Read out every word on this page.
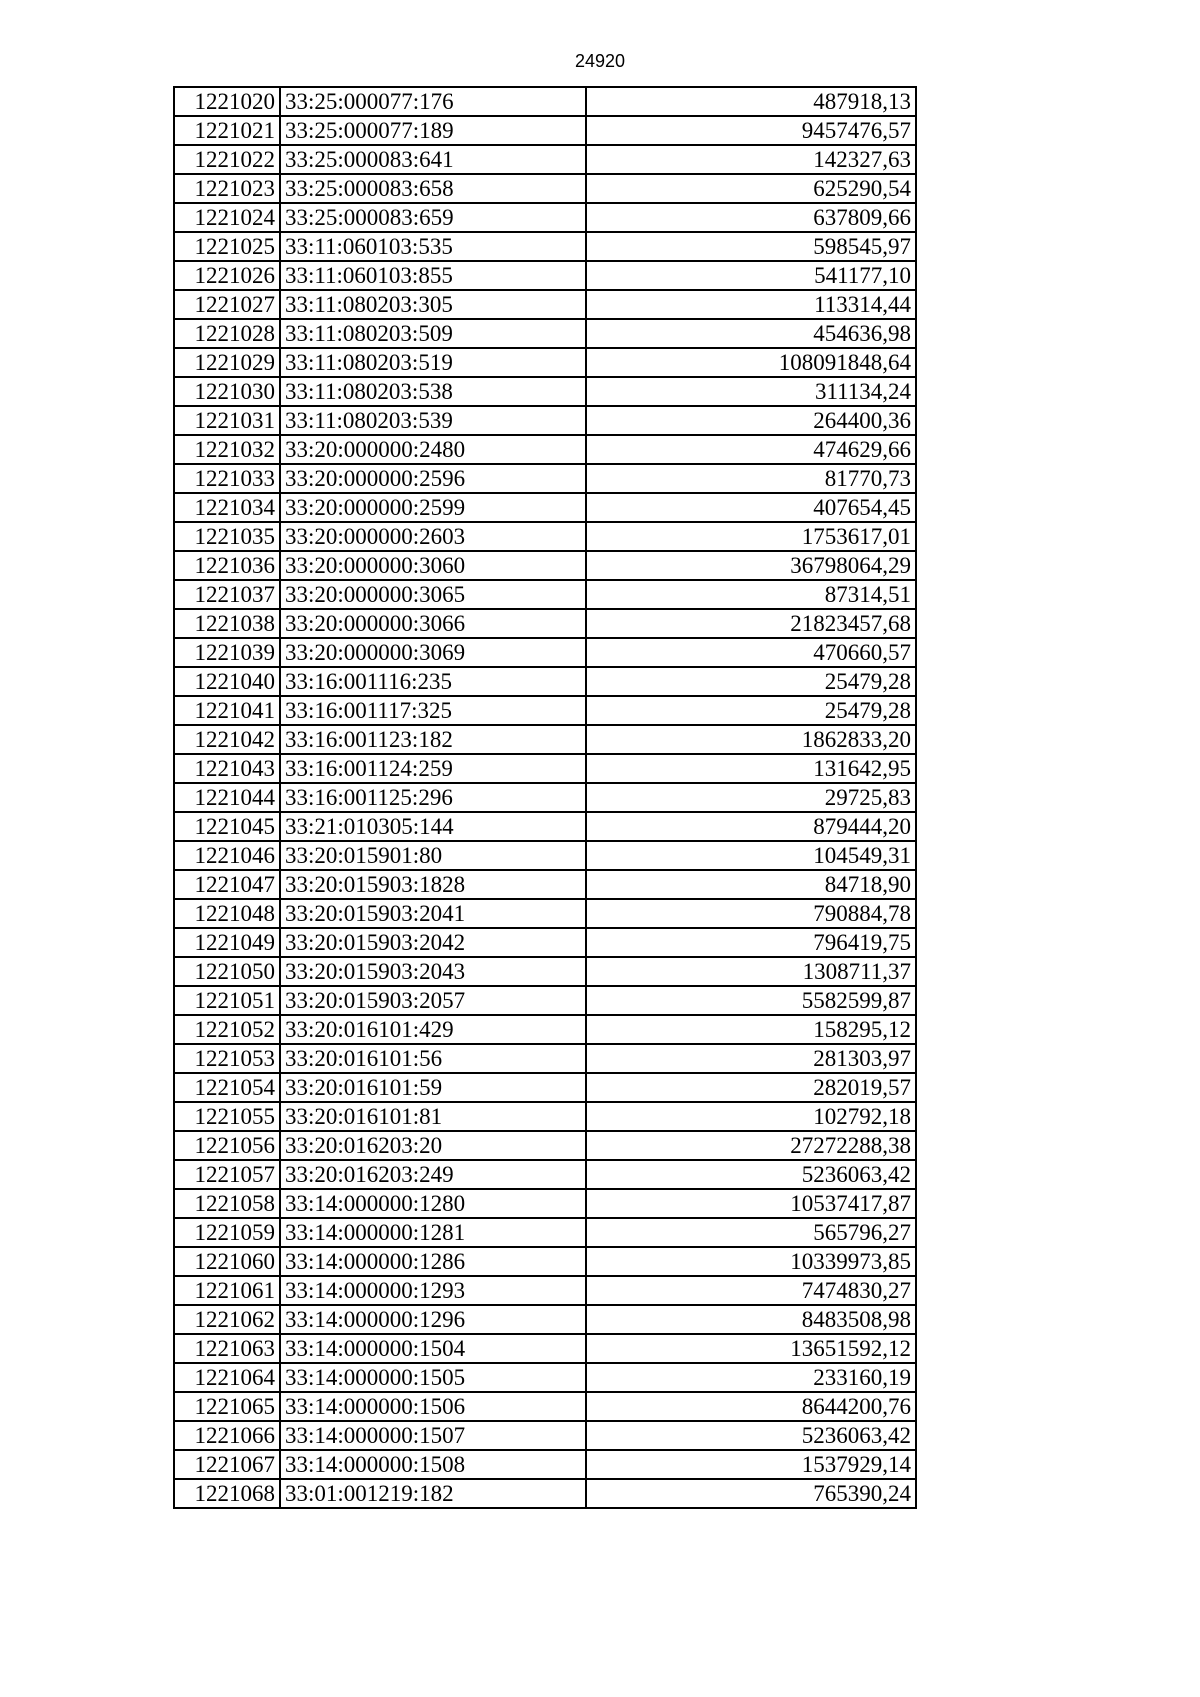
24920
1221020	33:25:000077:176	487918,13
1221021	33:25:000077:189	9457476,57
1221022	33:25:000083:641	142327,63
1221023	33:25:000083:658	625290,54
1221024	33:25:000083:659	637809,66
1221025	33:11:060103:535	598545,97
1221026	33:11:060103:855	541177,10
1221027	33:11:080203:305	113314,44
1221028	33:11:080203:509	454636,98
1221029	33:11:080203:519	108091848,64
1221030	33:11:080203:538	311134,24
1221031	33:11:080203:539	264400,36
1221032	33:20:000000:2480	474629,66
1221033	33:20:000000:2596	81770,73
1221034	33:20:000000:2599	407654,45
1221035	33:20:000000:2603	1753617,01
1221036	33:20:000000:3060	36798064,29
1221037	33:20:000000:3065	87314,51
1221038	33:20:000000:3066	21823457,68
1221039	33:20:000000:3069	470660,57
1221040	33:16:001116:235	25479,28
1221041	33:16:001117:325	25479,28
1221042	33:16:001123:182	1862833,20
1221043	33:16:001124:259	131642,95
1221044	33:16:001125:296	29725,83
1221045	33:21:010305:144	879444,20
1221046	33:20:015901:80	104549,31
1221047	33:20:015903:1828	84718,90
1221048	33:20:015903:2041	790884,78
1221049	33:20:015903:2042	796419,75
1221050	33:20:015903:2043	1308711,37
1221051	33:20:015903:2057	5582599,87
1221052	33:20:016101:429	158295,12
1221053	33:20:016101:56	281303,97
1221054	33:20:016101:59	282019,57
1221055	33:20:016101:81	102792,18
1221056	33:20:016203:20	27272288,38
1221057	33:20:016203:249	5236063,42
1221058	33:14:000000:1280	10537417,87
1221059	33:14:000000:1281	565796,27
1221060	33:14:000000:1286	10339973,85
1221061	33:14:000000:1293	7474830,27
1221062	33:14:000000:1296	8483508,98
1221063	33:14:000000:1504	13651592,12
1221064	33:14:000000:1505	233160,19
1221065	33:14:000000:1506	8644200,76
1221066	33:14:000000:1507	5236063,42
1221067	33:14:000000:1508	1537929,14
1221068	33:01:001219:182	765390,24
